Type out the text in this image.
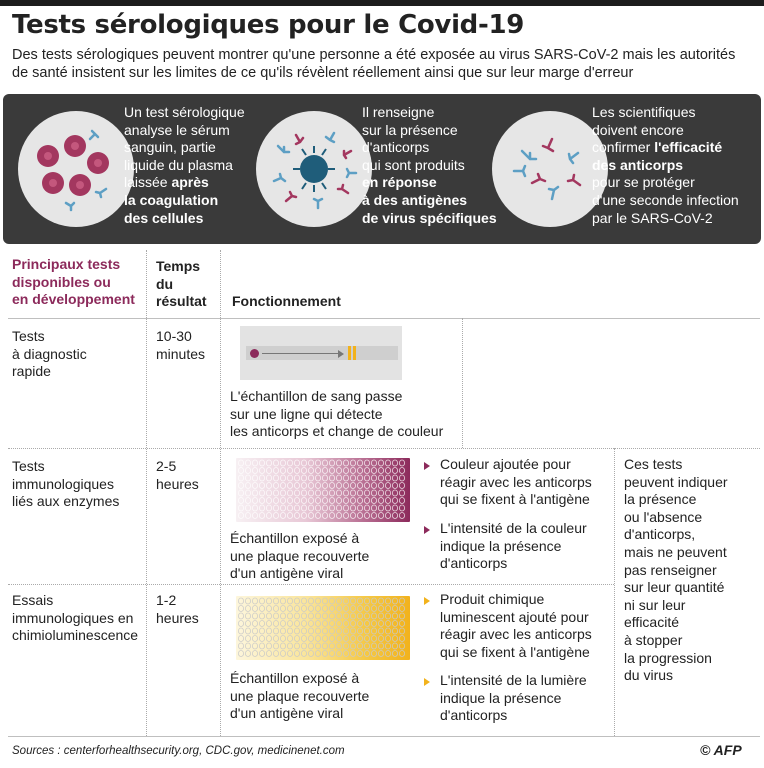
Tests sérologiques pour le Covid-19
Des tests sérologiques peuvent montrer qu'une personne a été exposée au virus SARS-CoV-2 mais les autorités de santé insistent sur les limites de ce qu'ils révèlent réellement ainsi que sur leur marge d'erreur
Un test sérologique
analyse le sérum
sanguin, partie
liquide du plasma
laissée après
la coagulation
des cellules
Il renseigne
sur la présence
d'anticorps
qui sont produits
en réponse
à des antigènes
de virus spécifiques
Les scientifiques
doivent encore
confirmer l'efficacité
des anticorps
pour se protéger
d'une seconde infection
par le SARS-CoV-2
Principaux tests
disponibles ou
en développement
Temps
du
résultat Fonctionnement
Tests
à diagnostic
rapide
10-30
minutes
L'échantillon de sang passe
sur une ligne qui détecte
les anticorps et change de couleur
Tests
immunologiques
liés aux enzymes
2-5
heures
Échantillon exposé à
une plaque recouverte
d'un antigène viral
Couleur ajoutée pour
réagir avec les anticorps
qui se fixent à l'antigène
L'intensité de la couleur
indique la présence
d'anticorps
Essais
immunologiques en
chimioluminescence
1-2
heures
Échantillon exposé à
une plaque recouverte
d'un antigène viral
Produit chimique
luminescent ajouté pour
réagir avec les anticorps
qui se fixent à l'antigène
L'intensité de la lumière
indique la présence
d'anticorps
Ces tests
peuvent indiquer
la présence
ou l'absence
d'anticorps,
mais ne peuvent
pas renseigner
sur leur quantité
ni sur leur
efficacité
à stopper
la progression
du virus
Sources : centerforhealthsecurity.org, CDC.gov, medicinenet.com	© AFP
